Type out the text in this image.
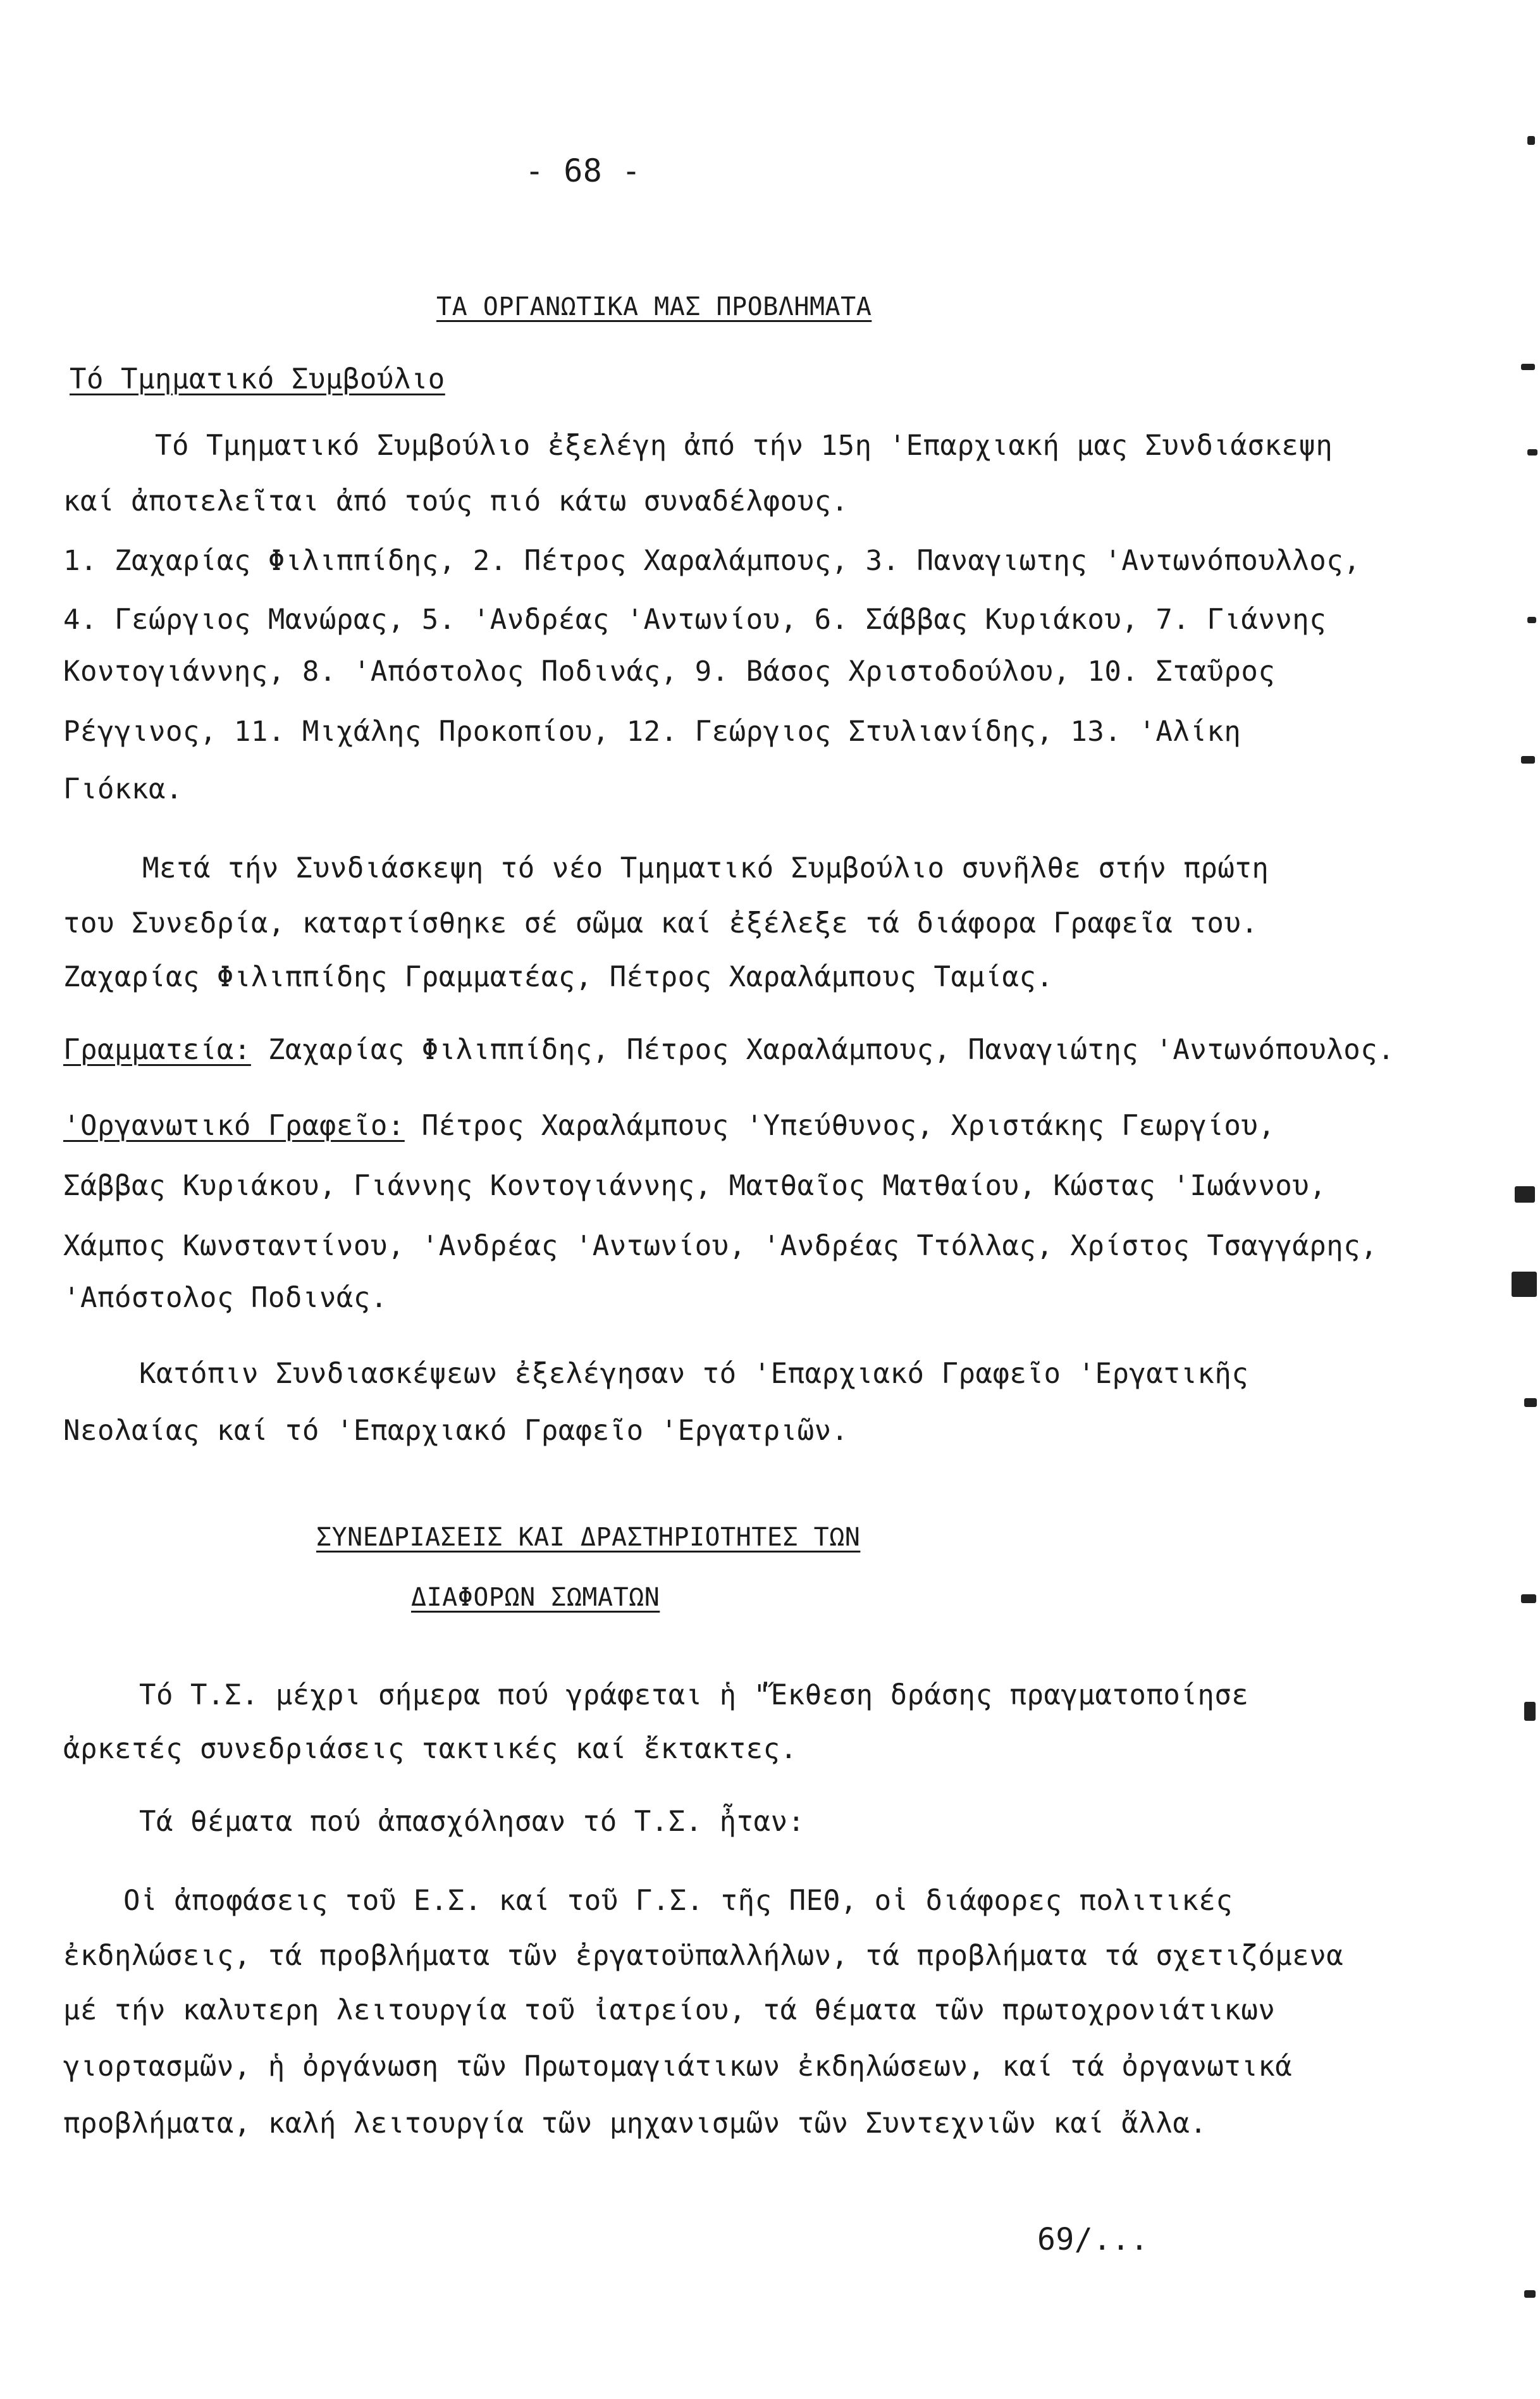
- 68 -
ΤΑ ΟΡΓΑΝΩΤΙΚΑ ΜΑΣ ΠΡΟΒΛΗΜΑΤΑ
Τό Τμηματικό Συμβούλιο
Τό Τμηματικό Συμβούλιο ἐξελέγη ἀπό τήν 15η 'Επαρχιακή μας Συνδιάσκεψη
καί ἀποτελεῖται ἀπό τούς πιό κάτω συναδέλφους.
1. Ζαχαρίας Φιλιππίδης, 2. Πέτρος Χαραλάμπους, 3. Παναγιωτης 'Αντωνόπουλλος,
4. Γεώργιος Μανώρας, 5. 'Ανδρέας 'Αντωνίου, 6. Σάββας Κυριάκου, 7. Γιάννης
Κοντογιάννης, 8. 'Απόστολος Ποδινάς, 9. Βάσος Χριστοδούλου, 10. Σταῦρος
Ρέγγινος, 11. Μιχάλης Προκοπίου, 12. Γεώργιος Στυλιανίδης, 13. 'Αλίκη
Γιόκκα.
Μετά τήν Συνδιάσκεψη τό νέο Τμηματικό Συμβούλιο συνῆλθε στήν πρώτη
του Συνεδρία, καταρτίσθηκε σέ σῶμα καί ἐξέλεξε τά διάφορα Γραφεῖα του.
Ζαχαρίας Φιλιππίδης Γραμματέας, Πέτρος Χαραλάμπους Ταμίας.
Γραμματεία: Ζαχαρίας Φιλιππίδης, Πέτρος Χαραλάμπους, Παναγιώτης 'Αντωνόπουλος.
'Οργανωτικό Γραφεῖο: Πέτρος Χαραλάμπους 'Υπεύθυνος, Χριστάκης Γεωργίου,
Σάββας Κυριάκου, Γιάννης Κοντογιάννης, Ματθαῖος Ματθαίου, Κώστας 'Ιωάννου,
Χάμπος Κωνσταντίνου, 'Ανδρέας 'Αντωνίου, 'Ανδρέας Ττόλλας, Χρίστος Τσαγγάρης,
'Απόστολος Ποδινάς.
Κατόπιν Συνδιασκέψεων ἐξελέγησαν τό 'Επαρχιακό Γραφεῖο 'Εργατικῆς
Νεολαίας καί τό 'Επαρχιακό Γραφεῖο 'Εργατριῶν.
ΣΥΝΕΔΡΙΑΣΕΙΣ ΚΑΙ ΔΡΑΣΤΗΡΙΟΤΗΤΕΣ ΤΩΝ
ΔΙΑΦΟΡΩΝ ΣΩΜΑΤΩΝ
Τό Τ.Σ. μέχρι σήμερα πού γράφεται ἡ "Ἔκθεση δράσης πραγματοποίησε
ἀρκετές συνεδριάσεις τακτικές καί ἔκτακτες.
Τά θέματα πού ἀπασχόλησαν τό Τ.Σ. ἦταν:
Οἱ ἀποφάσεις τοῦ Ε.Σ. καί τοῦ Γ.Σ. τῆς ΠΕΘ, οἱ διάφορες πολιτικές
ἐκδηλώσεις, τά προβλήματα τῶν ἐργατοϋπαλλήλων, τά προβλήματα τά σχετιζόμενα
μέ τήν καλυτερη λειτουργία τοῦ ἰατρείου, τά θέματα τῶν πρωτοχρονιάτικων
γιορτασμῶν, ἡ ὀργάνωση τῶν Πρωτομαγιάτικων ἐκδηλώσεων, καί τά ὀργανωτικά
προβλήματα, καλή λειτουργία τῶν μηχανισμῶν τῶν Συντεχνιῶν καί ἄλλα.
69/...
